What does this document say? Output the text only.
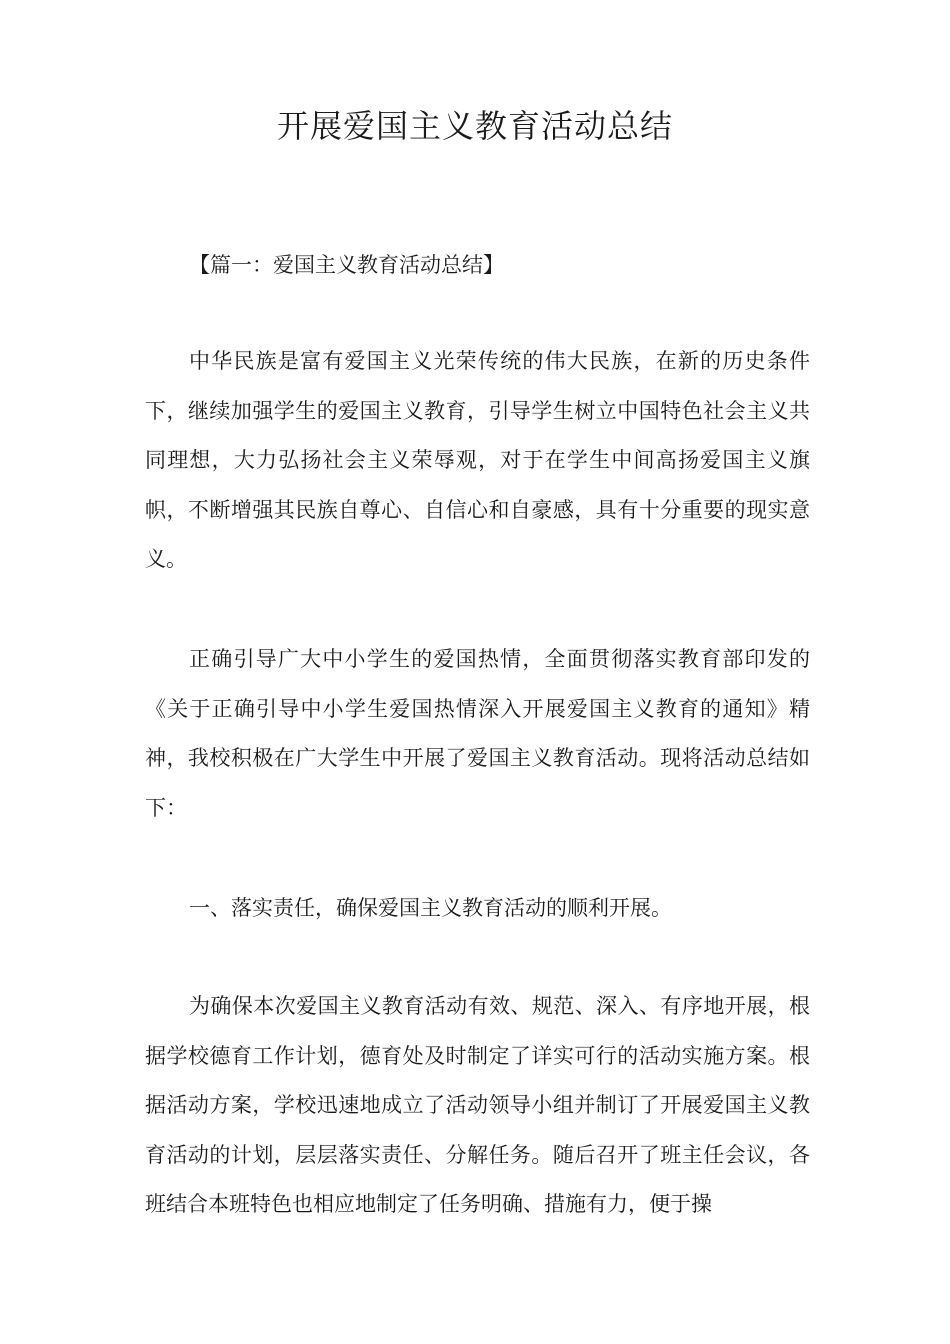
开展爱国主义教育活动总结

【篇一：爱国主义教育活动总结】

中华民族是富有爱国主义光荣传统的伟大民族，在新的历史条件下，继续加强学生的爱国主义教育，引导学生树立中国特色社会主义共同理想，大力弘扬社会主义荣辱观，对于在学生中间高扬爱国主义旗帜，不断增强其民族自尊心、自信心和自豪感，具有十分重要的现实意义。

正确引导广大中小学生的爱国热情，全面贯彻落实教育部印发的《关于正确引导中小学生爱国热情深入开展爱国主义教育的通知》精神，我校积极在广大学生中开展了爱国主义教育活动。现将活动总结如下：

一、落实责任，确保爱国主义教育活动的顺利开展。

为确保本次爱国主义教育活动有效、规范、深入、有序地开展，根据学校德育工作计划，德育处及时制定了详实可行的活动实施方案。根据活动方案，学校迅速地成立了活动领导小组并制订了开展爱国主义教育活动的计划，层层落实责任、分解任务。随后召开了班主任会议，各班结合本班特色也相应地制定了任务明确、措施有力，便于操
